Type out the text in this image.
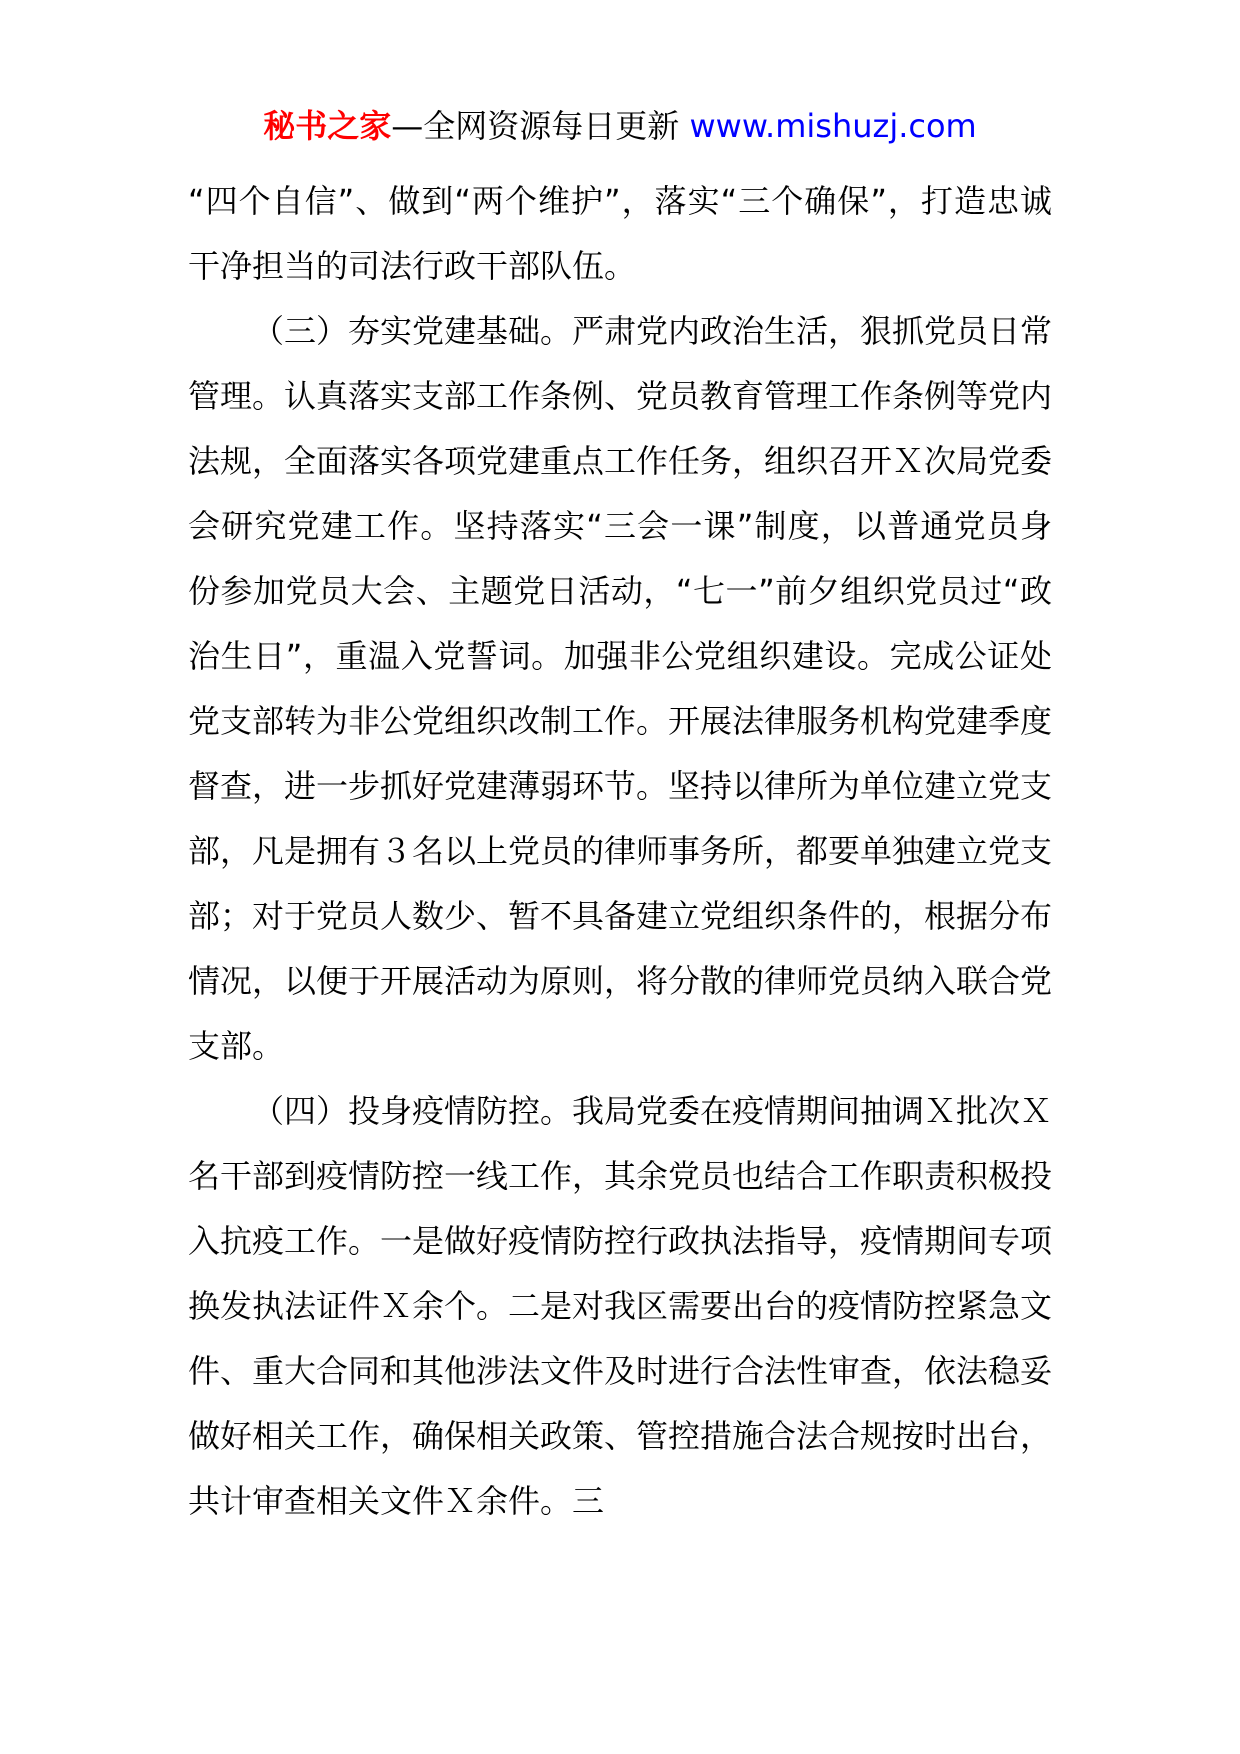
秘书之家—全网资源每日更新 www.mishuzj.com

“四个自信”、做到“两个维护”，落实“三个确保”，打造忠诚干净担当的司法行政干部队伍。

（三）夯实党建基础。严肃党内政治生活，狠抓党员日常管理。认真落实支部工作条例、党员教育管理工作条例等党内法规，全面落实各项党建重点工作任务，组织召开Ｘ次局党委会研究党建工作。坚持落实“三会一课”制度，以普通党员身份参加党员大会、主题党日活动，“七一”前夕组织党员过“政治生日”，重温入党誓词。加强非公党组织建设。完成公证处党支部转为非公党组织改制工作。开展法律服务机构党建季度督查，进一步抓好党建薄弱环节。坚持以律所为单位建立党支部，凡是拥有３名以上党员的律师事务所，都要单独建立党支部；对于党员人数少、暂不具备建立党组织条件的，根据分布情况，以便于开展活动为原则，将分散的律师党员纳入联合党支部。

（四）投身疫情防控。我局党委在疫情期间抽调Ｘ批次Ｘ名干部到疫情防控一线工作，其余党员也结合工作职责积极投入抗疫工作。一是做好疫情防控行政执法指导，疫情期间专项换发执法证件Ｘ余个。二是对我区需要出台的疫情防控紧急文件、重大合同和其他涉法文件及时进行合法性审查，依法稳妥做好相关工作，确保相关政策、管控措施合法合规按时出台，共计审查相关文件Ｘ余件。三
